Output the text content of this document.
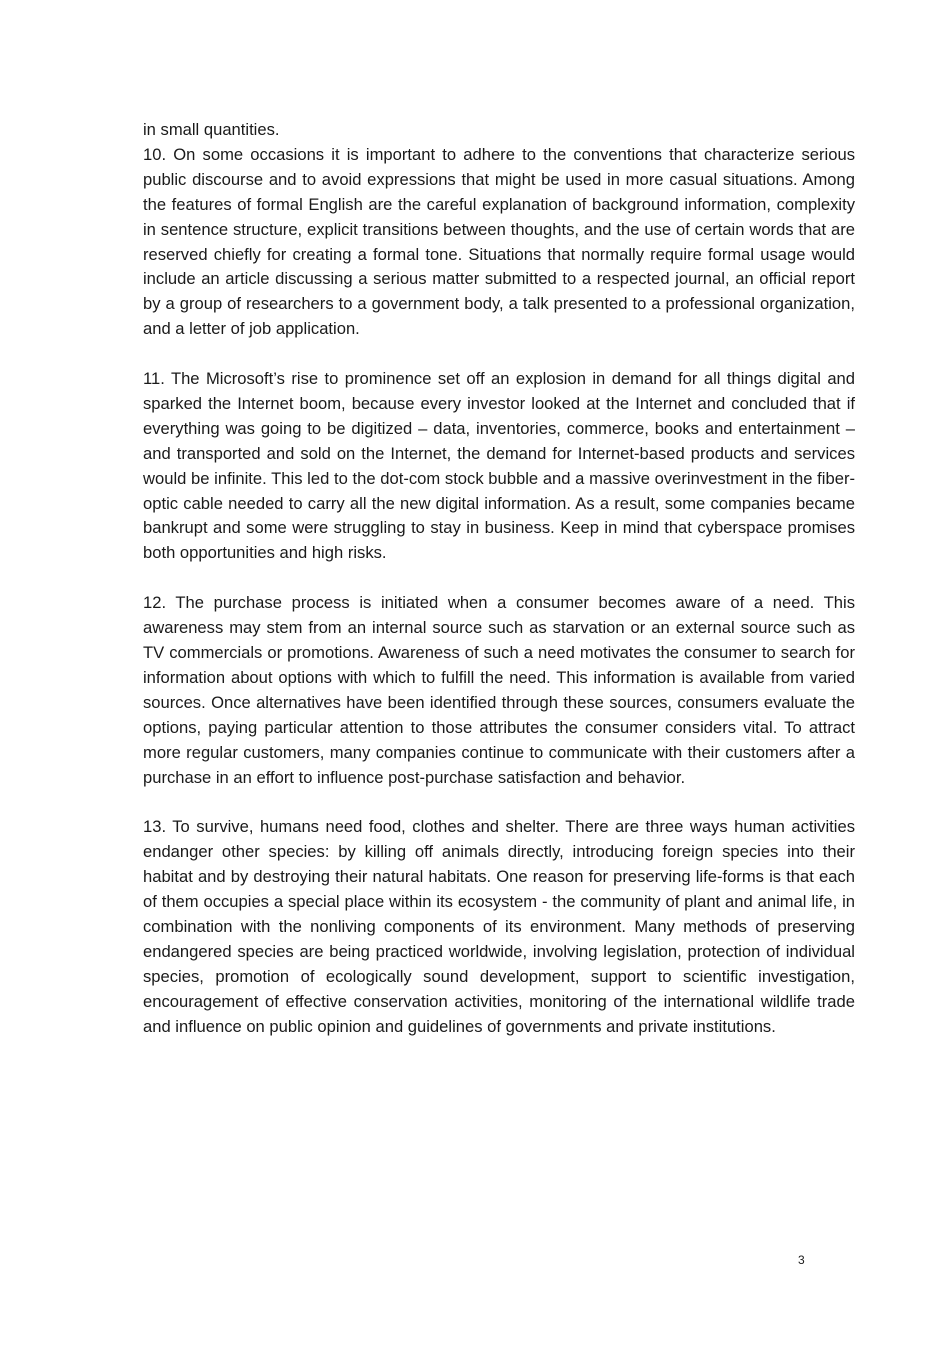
in small quantities.

10. On some occasions it is important to adhere to the conventions that characterize serious public discourse and to avoid expressions that might be used in more casual situations. Among the features of formal English are the careful explanation of background information, complexity in sentence structure, explicit transitions between thoughts, and the use of certain words that are reserved chiefly for creating a formal tone. Situations that normally require formal usage would include an article discussing a serious matter submitted to a respected journal, an official report by a group of researchers to a government body, a talk presented to a professional organization, and a letter of job application.

11. The Microsoft’s rise to prominence set off an explosion in demand for all things digital and sparked the Internet boom, because every investor looked at the Internet and concluded that if everything was going to be digitized – data, inventories, commerce, books and entertainment – and transported and sold on the Internet, the demand for Internet-based products and services would be infinite. This led to the dot-com stock bubble and a massive overinvestment in the fiber-optic cable needed to carry all the new digital information. As a result, some companies became bankrupt and some were struggling to stay in business. Keep in mind that cyberspace promises both opportunities and high risks.

12. The purchase process is initiated when a consumer becomes aware of a need. This awareness may stem from an internal source such as starvation or an external source such as TV commercials or promotions. Awareness of such a need motivates the consumer to search for information about options with which to fulfill the need. This information is available from varied sources. Once alternatives have been identified through these sources, consumers evaluate the options, paying particular attention to those attributes the consumer considers vital. To attract more regular customers, many companies continue to communicate with their customers after a purchase in an effort to influence post-purchase satisfaction and behavior.

13. To survive, humans need food, clothes and shelter. There are three ways human activities endanger other species: by killing off animals directly, introducing foreign species into their habitat and by destroying their natural habitats. One reason for preserving life-forms is that each of them occupies a special place within its ecosystem - the community of plant and animal life, in combination with the nonliving components of its environment. Many methods of preserving endangered species are being practiced worldwide, involving legislation, protection of individual species, promotion of ecologically sound development, support to scientific investigation, encouragement of effective conservation activities, monitoring of the international wildlife trade and influence on public opinion and guidelines of governments and private institutions.

3
